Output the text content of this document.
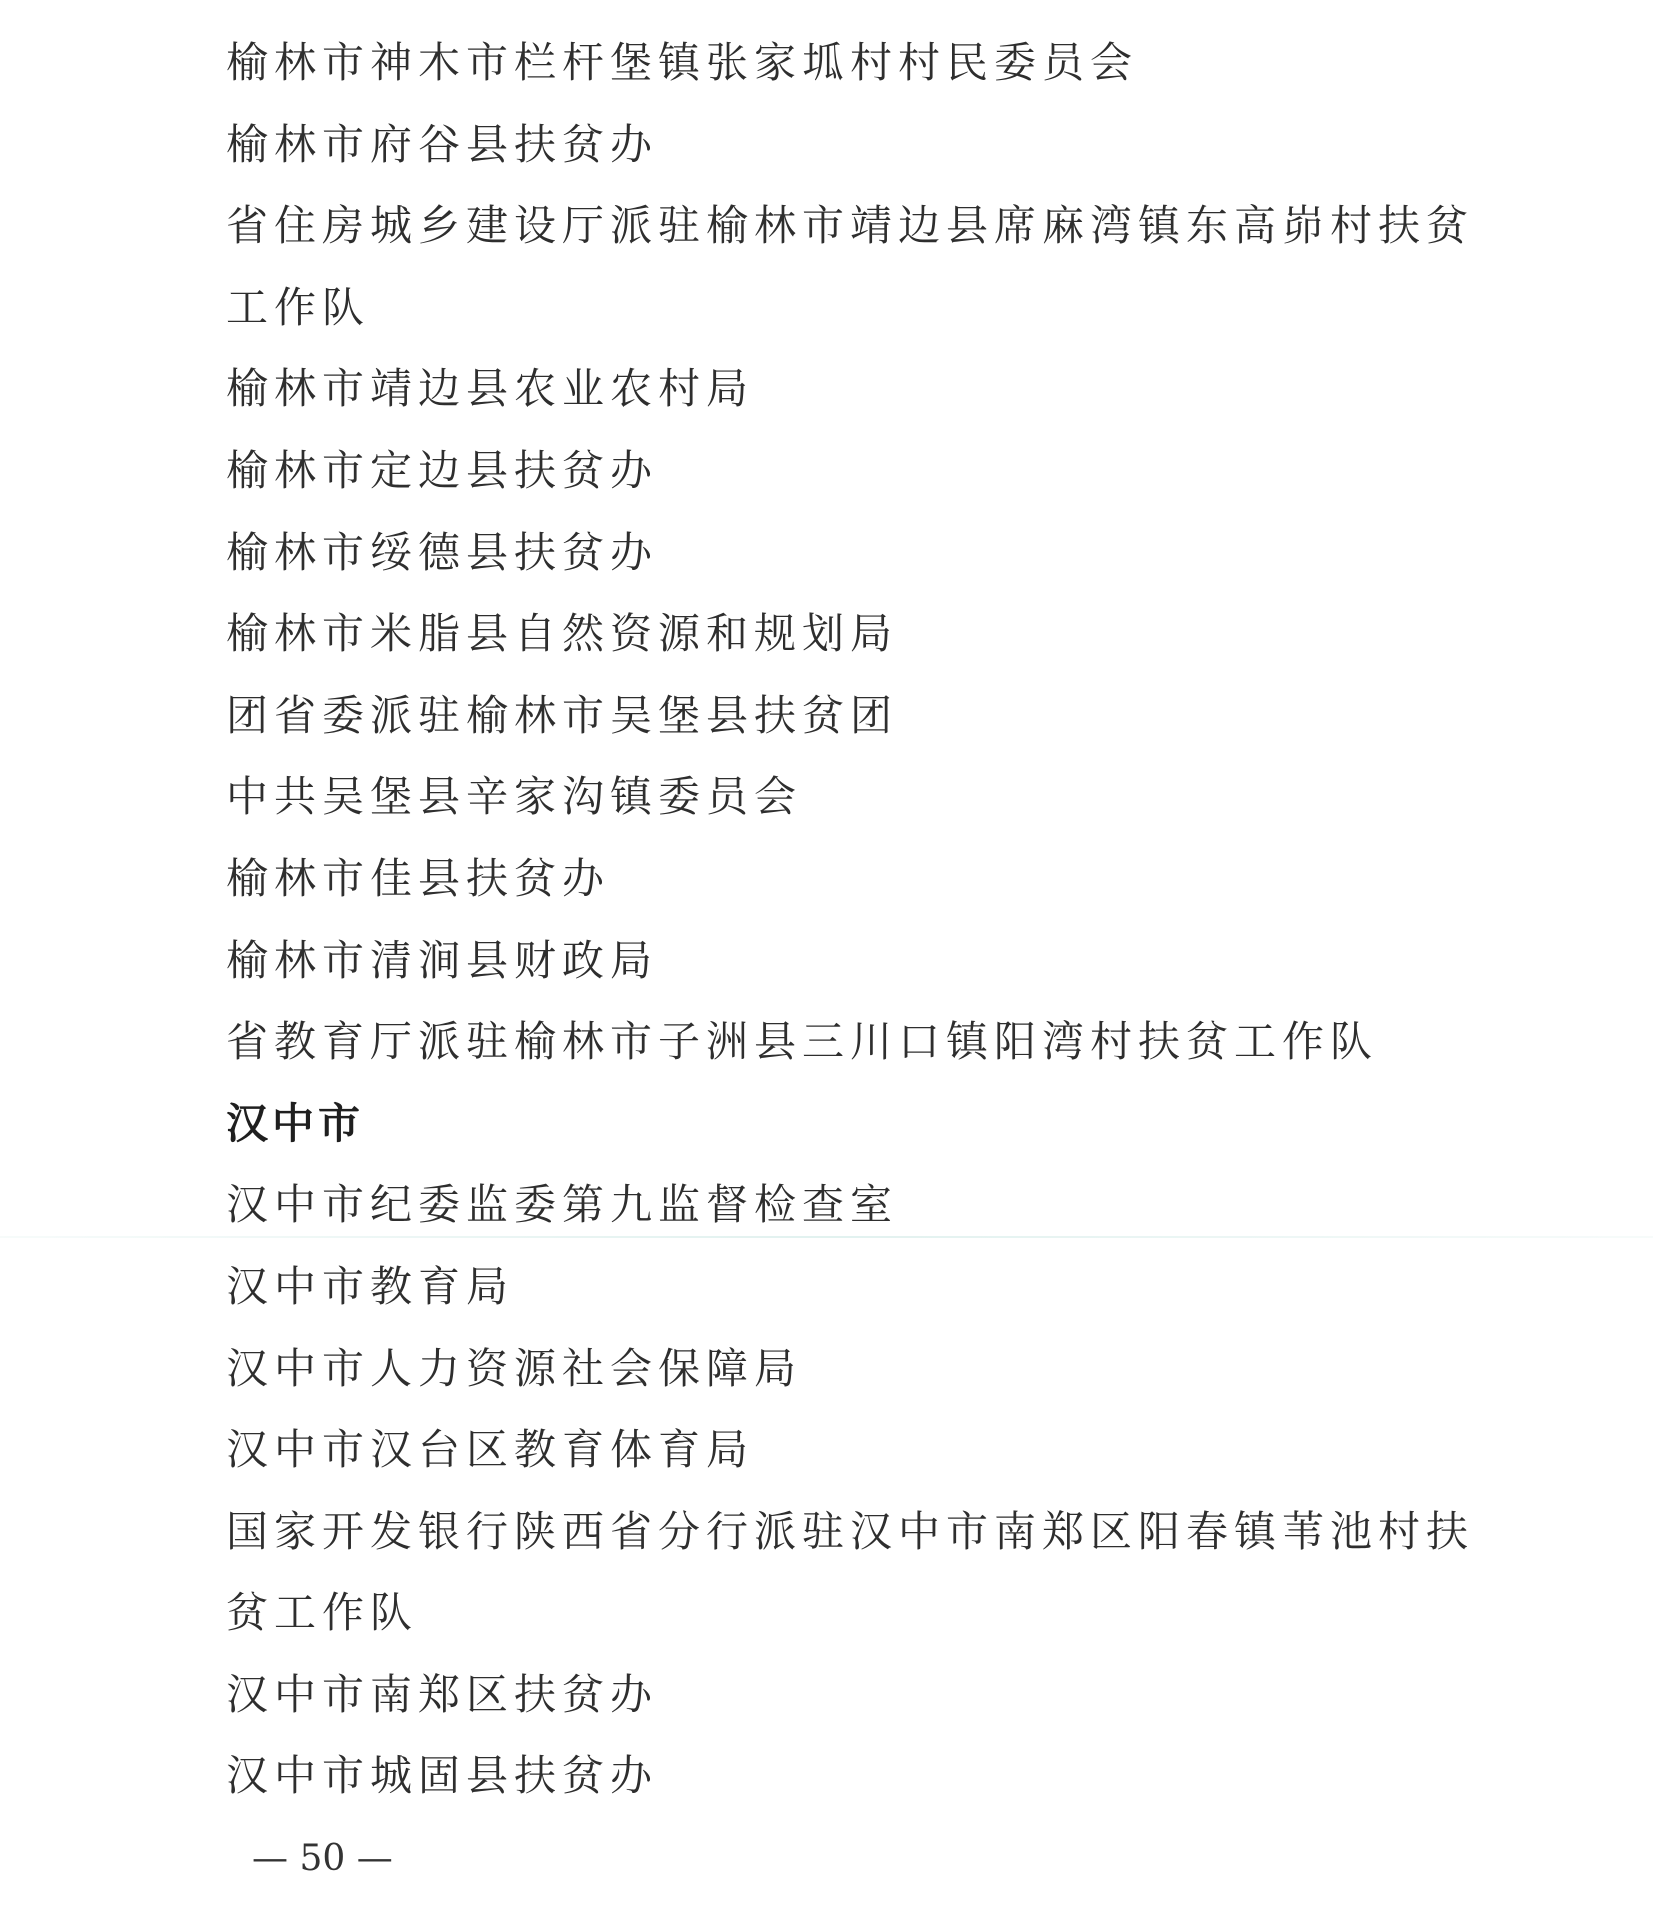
榆林市神木市栏杆堡镇张家坬村村民委员会
榆林市府谷县扶贫办
省住房城乡建设厅派驻榆林市靖边县席麻湾镇东高峁村扶贫
工作队
榆林市靖边县农业农村局
榆林市定边县扶贫办
榆林市绥德县扶贫办
榆林市米脂县自然资源和规划局
团省委派驻榆林市吴堡县扶贫团
中共吴堡县辛家沟镇委员会
榆林市佳县扶贫办
榆林市清涧县财政局
省教育厅派驻榆林市子洲县三川口镇阳湾村扶贫工作队
汉中市
汉中市纪委监委第九监督检查室
汉中市教育局
汉中市人力资源社会保障局
汉中市汉台区教育体育局
国家开发银行陕西省分行派驻汉中市南郑区阳春镇苇池村扶
贫工作队
汉中市南郑区扶贫办
汉中市城固县扶贫办
— 50 —
